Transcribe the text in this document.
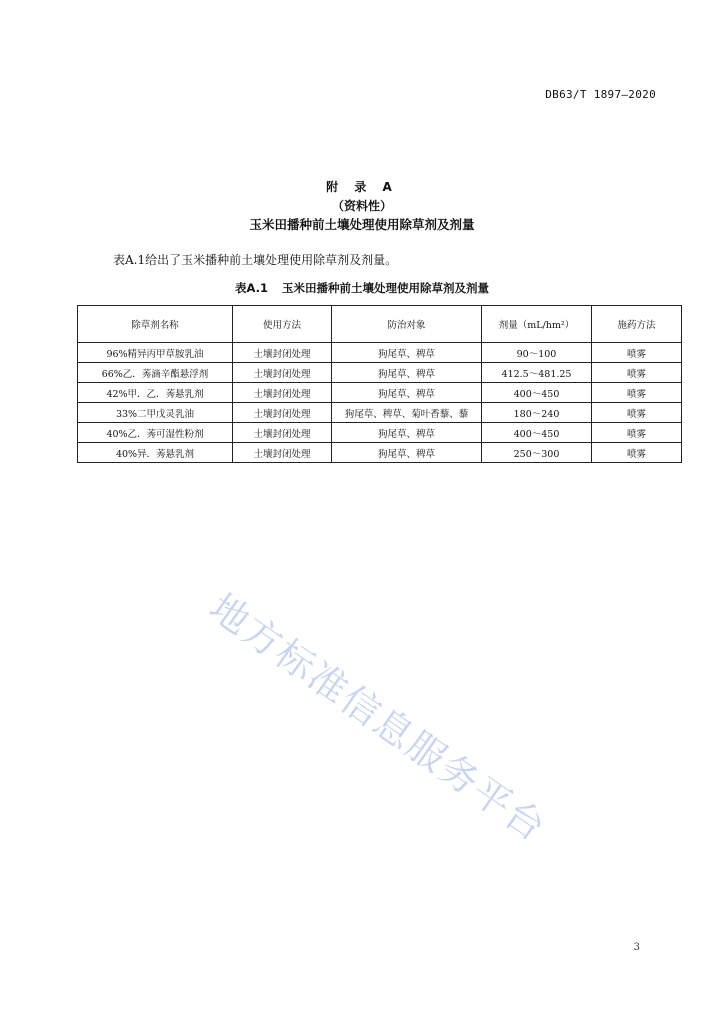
DB63/T 1897—2020
附 录 A
（资料性）
玉米田播种前土壤处理使用除草剂及剂量
表A.1给出了玉米播种前土壤处理使用除草剂及剂量。
表A.1 玉米田播种前土壤处理使用除草剂及剂量
除草剂名称	使用方法	防治对象	剂量（mL/hm²）	施药方法
96%精异丙甲草胺乳油	土壤封闭处理	狗尾草、稗草	90～100	喷雾
66%乙．莠滴辛酯悬浮剂	土壤封闭处理	狗尾草、稗草	412.5～481.25	喷雾
42%甲．乙．莠悬乳剂	土壤封闭处理	狗尾草、稗草	400～450	喷雾
33%二甲戊灵乳油	土壤封闭处理	狗尾草、稗草、菊叶香藜、藜	180～240	喷雾
40%乙．莠可湿性粉剂	土壤封闭处理	狗尾草、稗草	400～450	喷雾
40%异．莠悬乳剂	土壤封闭处理	狗尾草、稗草	250～300	喷雾
地方标准信息服务平台
3
